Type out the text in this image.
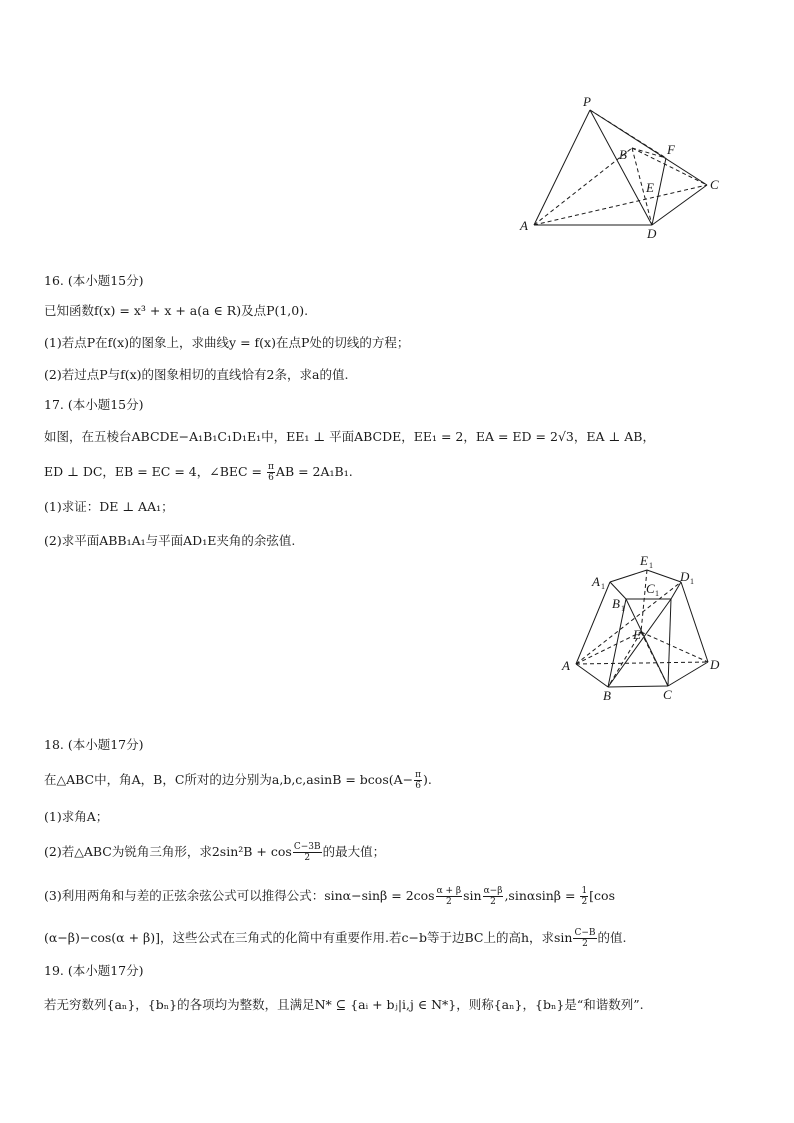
P
B	F
E	C
A
D
16. (本小题15分)
已知函数f(x) = x³ + x + a(a ∈ R)及点P(1,0).
(1)若点P在f(x)的图象上，求曲线y = f(x)在点P处的切线的方程；
(2)若过点P与f(x)的图象相切的直线恰有2条，求a的值.
17. (本小题15分)
如图，在五棱台ABCDE−A₁B₁C₁D₁E₁中，EE₁ ⊥ 平面ABCDE，EE₁ = 2，EA = ED = 2√3，EA ⊥ AB，
ED ⊥ DC，EB = EC = 4，∠BEC = $\frac{\pi}{6}$ AB = 2A₁B₁.
(1)求证：DE ⊥ AA₁；
(2)求平面ABB₁A₁与平面AD₁E夹角的余弦值.
E 1
A 1	C 1
D 1
B 1
E
A	D
B	C
18. (本小题17分)
在△ABC中，角A，B，C所对的边分别为$a,b,c,asinB = bcos(A- \frac{\pi}{6}$ ).
(1)求角A；
(2)若△ABC为锐角三角形，求$2\sin^2B + \cos \frac{C-3B}{2}$ 的最大值；
(3)利用两角和与差的正弦余弦公式可以推得公式：$\sin\alpha-\sin\beta = 2\cos \frac{\alpha + \beta}{2}$ $\sin \frac{\alpha-\beta}{2} ,\sin\alpha\sin\beta = \frac{1}{2} [\cos$
(α−β)−cos(α + β)]，这些公式在三角式的化简中有重要作用.若c−b等于边BC上的高h，求$\sin \frac{C-B}{2}$ 的值.
19. (本小题17分)
若无穷数列{aₙ}，{bₙ}的各项均为整数，且满足N* ⊆ {aᵢ + bⱼ|i,j ∈ N*}，则称{aₙ}，{bₙ}是“和谐数列”.
